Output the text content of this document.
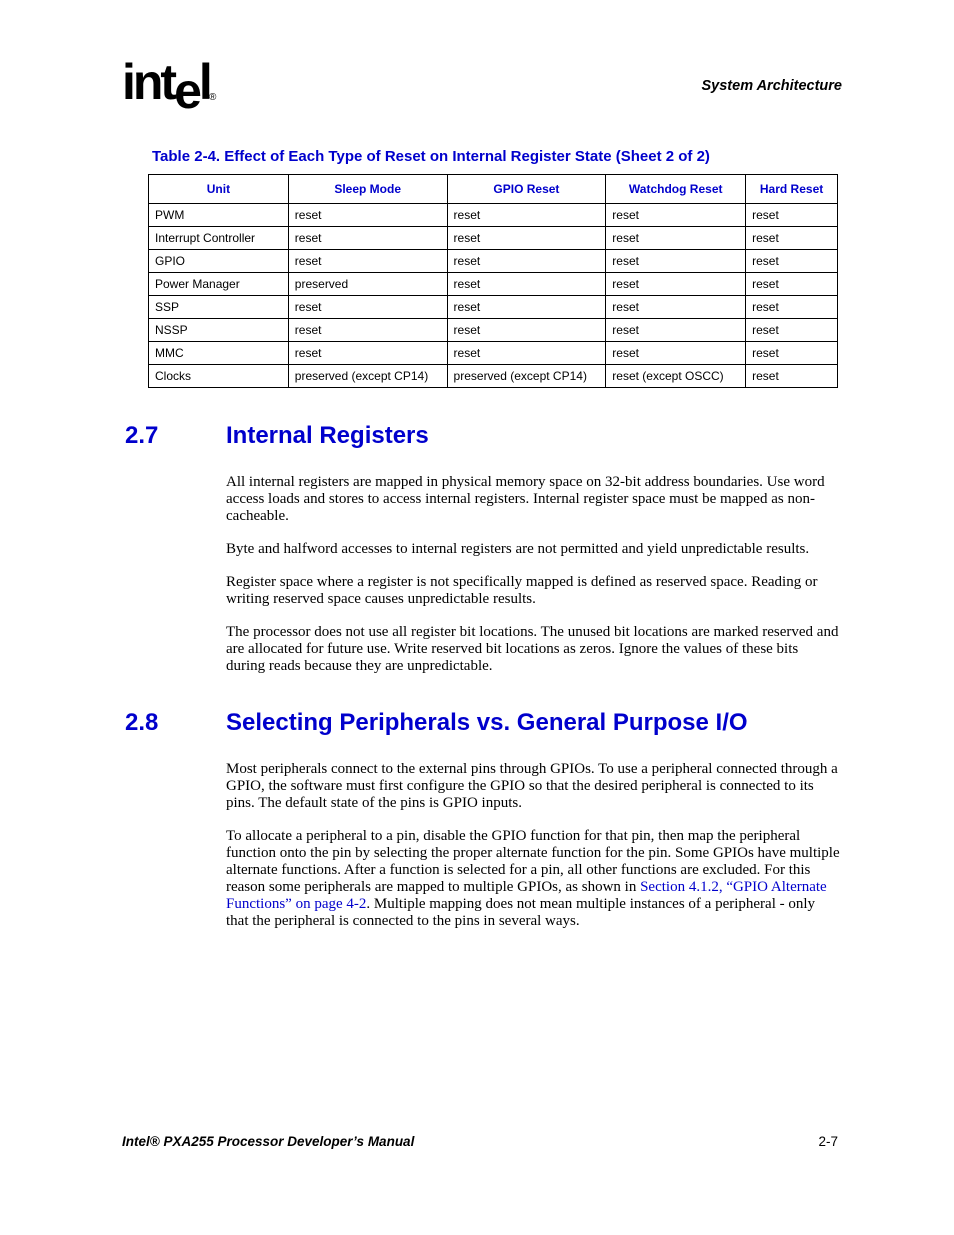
intel ®
System Architecture
Table 2-4. Effect of Each Type of Reset on Internal Register State (Sheet 2 of 2)
Unit	Sleep Mode	GPIO Reset	Watchdog Reset	Hard Reset
PWM	reset	reset	reset	reset
Interrupt Controller	reset	reset	reset	reset
GPIO	reset	reset	reset	reset
Power Manager	preserved	reset	reset	reset
SSP	reset	reset	reset	reset
NSSP	reset	reset	reset	reset
MMC	reset	reset	reset	reset
Clocks	preserved (except CP14)	preserved (except CP14)	reset (except OSCC)	reset
2.7	Internal Registers
All internal registers are mapped in physical memory space on 32-bit address boundaries. Use word access loads and stores to access internal registers. Internal register space must be mapped as non-cacheable.
Byte and halfword accesses to internal registers are not permitted and yield unpredictable results.
Register space where a register is not specifically mapped is defined as reserved space. Reading or writing reserved space causes unpredictable results.
The processor does not use all register bit locations. The unused bit locations are marked reserved and are allocated for future use. Write reserved bit locations as zeros. Ignore the values of these bits during reads because they are unpredictable.
2.8	Selecting Peripherals vs. General Purpose I/O
Most peripherals connect to the external pins through GPIOs. To use a peripheral connected through a GPIO, the software must first configure the GPIO so that the desired peripheral is connected to its pins. The default state of the pins is GPIO inputs.
To allocate a peripheral to a pin, disable the GPIO function for that pin, then map the peripheral function onto the pin by selecting the proper alternate function for the pin. Some GPIOs have multiple alternate functions. After a function is selected for a pin, all other functions are excluded. For this reason some peripherals are mapped to multiple GPIOs, as shown in Section 4.1.2, “GPIO Alternate Functions” on page 4-2. Multiple mapping does not mean multiple instances of a peripheral - only that the peripheral is connected to the pins in several ways.
Intel® PXA255 Processor Developer’s Manual	2-7
